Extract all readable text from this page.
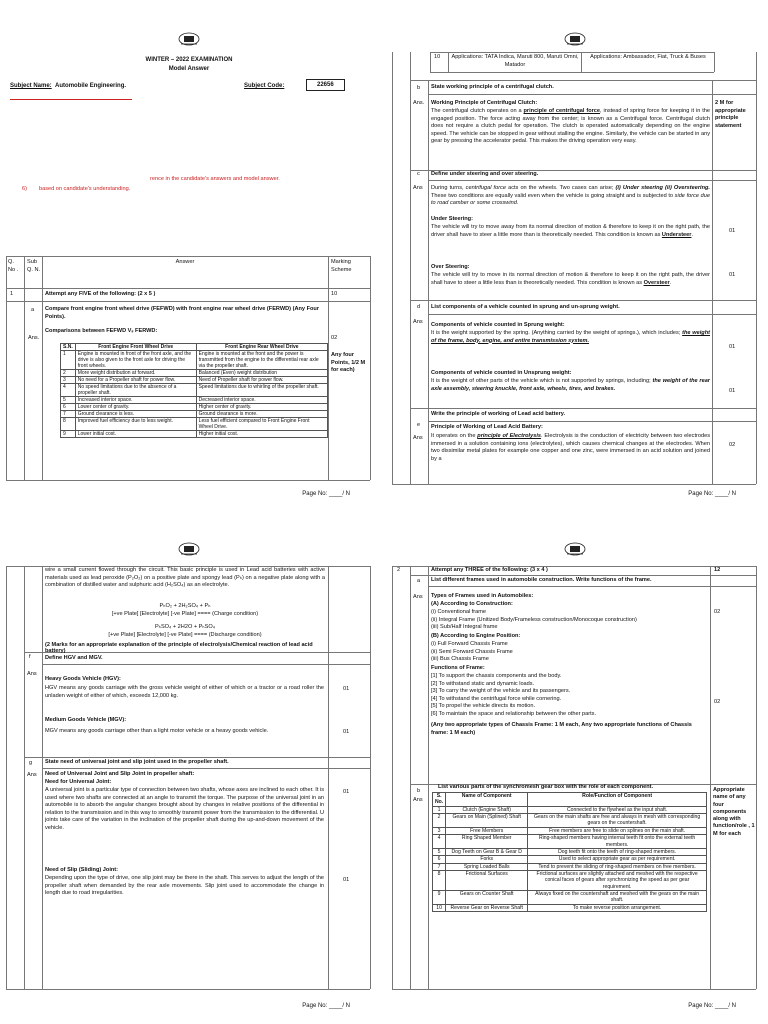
WINTER – 2022 EXAMINATION
Model Answer
Subject Name: Automobile Engineering.	Subject Code:	22656
rence in the candidate's answers and model answer.
6) based on candidate's understanding.
Q. No .
Sub Q. N.
Answer	Marking Scheme
1	Attempt any FIVE of the following: (2 x 5 )	10
a Compare front engine front wheel drive (FEFWD) with front engine rear wheel drive (FERWD) (Any Four Points).
Ans.
Comparisons between FEFWD Vₛ FERWD:
02
Any four Points, 1/2 M for each)
S.N.	Front Engine Front Wheel Drive	Front Engine Rear Wheel Drive
1	Engine is mounted in front of the front axle, and the drive is also given to the front axle for driving the front wheels.	Engine is mounted at the front and the power is transmitted from the engine to the differential rear axle via the propeller shaft.
2	More weight distribution at forward.	Balanced (Even) weight distribution
3	No need for a Propeller shaft for power flow.	Need of Propeller shaft for power flow.
4	No speed limitations due to the absence of a propeller shaft.	Speed limitations due to whirling of the propeller shaft.
5	Increased interior space.	Decreased interior space.
6	Lower center of gravity.	Higher center of gravity.
7	Ground clearance is less.	Ground clearance is more.
8	Improved fuel efficiency due to less weight.	Less fuel efficient compared to Front Engine Front Wheel Drive.
9	Lower initial cost.	Higher initial cost.
Page No: ____/ N
10 Applications: TATA Indica, Maruti 800, Maruti Omni, Matador
Applications: Ambassador, Fiat, Truck & Buses
b State working principle of a centrifugal clutch.
Ans. Working Principle of Centrifugal Clutch:
The centrifugal clutch operates on a principle of centrifugal force, instead of spring force for keeping it in the engaged position. The force acting away from the center; is known as a Centrifugal force. Centrifugal clutch does not require a clutch pedal for operation. The clutch is operated automatically depending on the engine speed. The vehicle can be stopped in gear without stalling the engine. Similarly, the vehicle can be started in any gear by pressing the accelerator pedal. This makes the driving operation very easy.
2 M for appropriate principle statement
c Define under steering and over steering.
Ans During turns, centrifugal force acts on the wheels. Two cases can arise; (i) Under steering (ii) Oversteering. These two conditions are equally valid even when the vehicle is going straight and is subjected to side force due to road camber or some crosswind.
Under Steering:
The vehicle will try to move away from its normal direction of motion & therefore to keep it on the right path, the driver shall have to steer a little more than is theoretically needed. This condition is known as Understeer.
01
Over Steering:
The vehicle will try to move in its normal direction of motion & therefore to keep it on the right path, the driver shall have to steer a little less than is theoretically needed. This condition is known as Oversteer.
01
d List components of a vehicle counted in sprung and un-sprung weight.
Ans Components of vehicle counted in Sprung weight:
It is the weight supported by the spring. (Anything carried by the weight of springs.), which includes; the weight of the frame, body, engine, and entire transmission system.
01
Components of vehicle counted in Unsprung weight:
It is the weight of other parts of the vehicle which is not supported by springs, including; the weight of the rear axle assembly, steering knuckle, front axle, wheels, tires, and brakes.	01
e
Write the principle of working of Lead acid battery.
Ans
Principle of Working of Lead Acid Battery:
It operates on the principle of Electrolysis. Electrolysis is the conduction of electricity between two electrodes immersed in a solution containing ions (electrolytes), which causes chemical changes at the electrodes. When two dissimilar metal plates for example one copper and one zinc, were immersed in an acid solution and joined by a
02
Page No: ____/ N
wire a small current flowed through the circuit. This basic principle is used in Lead acid batteries with active materials used as lead peroxide (P₂O₂) on a positive plate and spongy lead (Pₕ) on a negative plate along with a combination of distilled water and sulphuric acid (H₂SO₄) as an electrolyte.
PₕO₂ + 2H₂SO₄ + Pₕ
[+ve Plate] [Electrolyte] [-ve Plate] ==== (Charge condition)
PₕSO₄ + 2H2O + PₕSO₄
[+ve Plate] [Electrolyte] [-ve Plate] ==== (Discharge condition)
(2 Marks for an appropriate explanation of the principle of electrolysis/Chemical reaction of lead acid battery)
f	Define HGV and MGV.
Ans
Heavy Goods Vehicle (HGV):
HGV means any goods carriage with the gross vehicle weight of either of which or a tractor or a road roller the unladen weight of either of which, exceeds 12,000 kg.
01
Medium Goods Vehicle (MGV):
MGV means any goods carriage other than a light motor vehicle or a heavy goods vehicle.	01
g State need of universal joint and slip joint used in the propeller shaft.
Ans Need of Universal Joint and Slip Joint in propeller shaft:
Need for Universal Joint:
A universal joint is a particular type of connection between two shafts, whose axes are inclined to each other. It is used where two shafts are connected at an angle to transmit the torque. The purpose of the universal joint in an automobile is to absorb the angular changes brought about by changes in relative positions of the differential in relation to the transmission and in this way to smoothly transmit power from the transmission to the differential. U joints take care of the variation in the inclination of the propeller shaft during the up-and-down movement of the vehicle.
01
Need of Slip (Sliding) Joint:
Depending upon the type of drive, one slip joint may be there in the shaft. This serves to adjust the length of the propeller shaft when demanded by the rear axle movements. Slip joint used to accommodate the change in length due to road irregularities.
01
Page No: ____/ N
2	Attempt any THREE of the following: (3 x 4 )	12
a List different frames used in automobile construction. Write functions of the frame.
Ans Types of Frames used in Automobiles:
(A) According to Construction:
(i) Conventional frame
(ii) Integral Frame (Unitized Body/Frameless construction/Monocoque construction)
(iii) Sub/Half Integral frame
(B) According to Engine Position:
(i) Full Forward Chassis Frame
(ii) Semi Forward Chassis Frame
(iii) Bus Chassis Frame
02
Functions of Frame:
[1] To support the chassis components and the body.
[2] To withstand static and dynamic loads.
[3] To carry the weight of the vehicle and its passengers.
[4] To withstand the centrifugal force while cornering.
[5] To propel the vehicle directs its motion.
[6] To maintain the space and relationship between the other parts.
02
(Any two appropriate types of Chassis Frame: 1 M each, Any two appropriate functions of Chassis frame: 1 M each)
b
List various parts of the synchromesh gear box with the role of each component.
Ans
Appropriate name of any four components along with function/role , 1 M for each
S. No.	Name of Component	Role/Function of Component
1	Clutch (Engine Shaft)	Connected to the flywheel as the input shaft.
2	Gears on Main (Splined) Shaft	Gears on the main shafts are free and always in mesh with corresponding gears on the countershaft.
3	Free Members	Free members are free to slide on splines on the main shaft.
4	Ring Shaped Member	Ring-shaped members having internal teeth fit onto the external teeth members.
5	Dog Teeth on Gear B & Gear D	Dog teeth fit onto the teeth of ring-shaped members.
6	Forks	Used to select appropriate gear as per requirement.
7	Spring Loaded Balls	Tend to prevent the sliding of ring-shaped members on free members.
8	Frictional Surfaces	Frictional surfaces are slightly attached and meshed with the respective conical faces of gears after synchronizing the speed as per gear requirement.
9	Gears on Counter Shaft	Always fixed on the countershaft and meshed with the gears on the main shaft.
10	Reverse Gear on Reverse Shaft	To make reverse position arrangement.
Page No: ____/ N
